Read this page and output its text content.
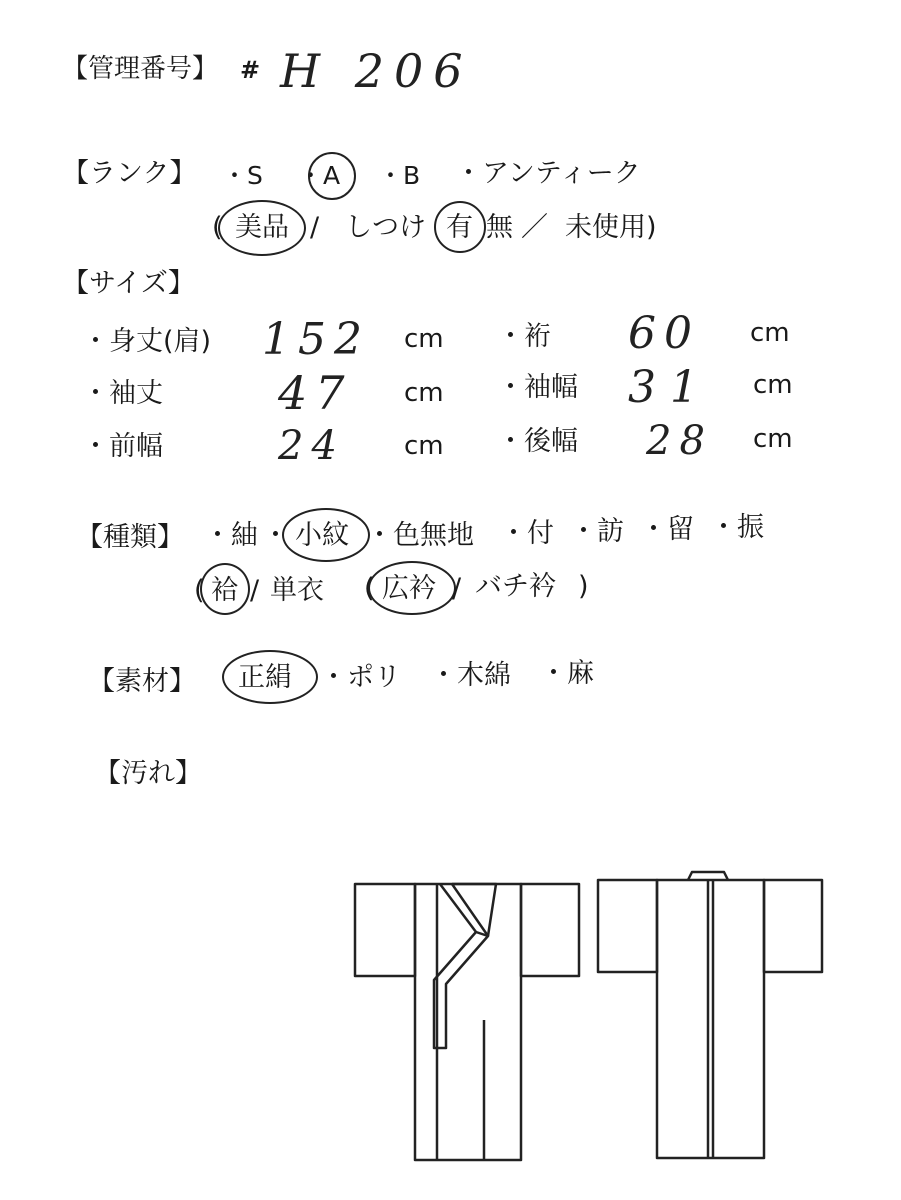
【管理番号】 # H 206
【ランク】 ・S ・A ・B ・アンティーク
( 美品 / しつけ 有 無 ／ 未使用)
【サイズ】
・身丈(肩) 152 cm ・裄 60 cm
・袖丈	47 cm ・袖幅 31 cm
・前幅	24 cm ・後幅 28 cm
【種類】 ・紬 ・ 小紋 ・色無地 ・付 ・訪 ・留 ・振
( 袷 / 単衣 ( 広衿 / バチ衿 )
【素材】 正絹 ・ポリ ・木綿 ・麻
【汚れ】
